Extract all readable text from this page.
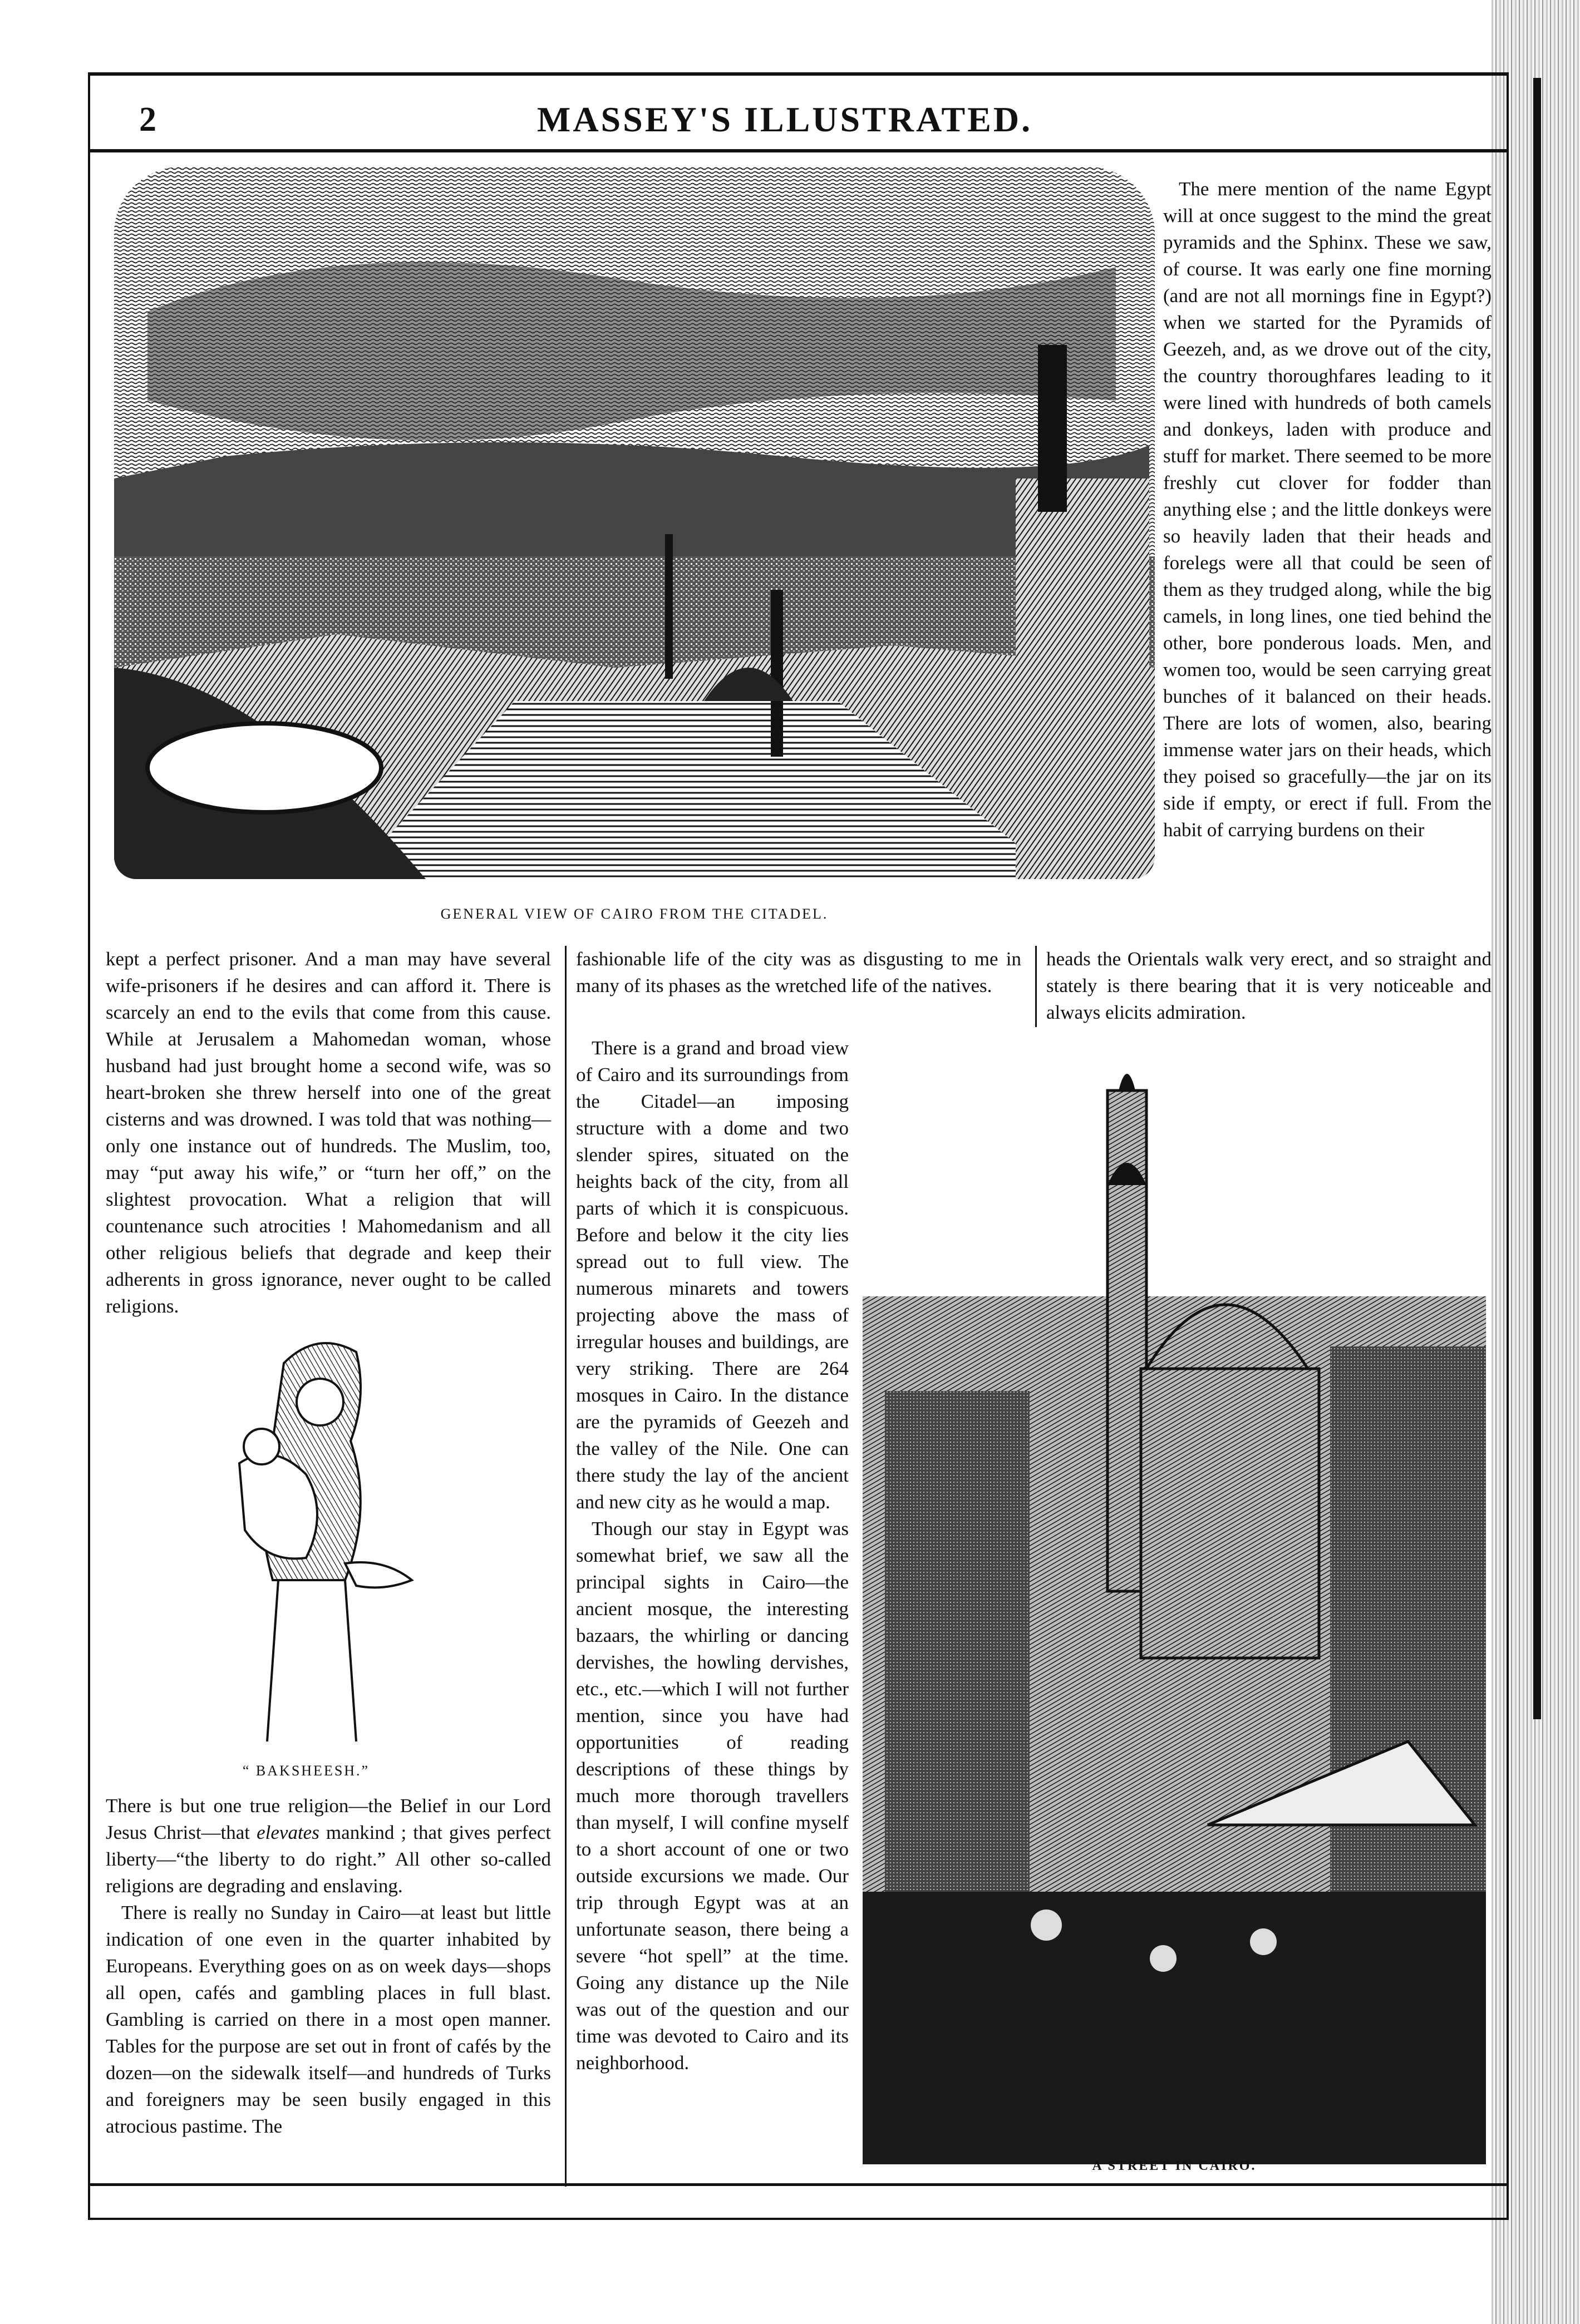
2	MASSEY'S ILLUSTRATED.
GENERAL VIEW OF CAIRO FROM THE CITADEL.

The mere mention of the name Egypt will at once suggest to the mind the great pyramids and the Sphinx. These we saw, of course. It was early one fine morning (and are not all mornings fine in Egypt?) when we started for the Pyramids of Geezeh, and, as we drove out of the city, the country thoroughfares leading to it were lined with hundreds of both camels and donkeys, laden with produce and stuff for market. There seemed to be more freshly cut clover for fodder than anything else ; and the little donkeys were so heavily laden that their heads and forelegs were all that could be seen of them as they trudged along, while the big camels, in long lines, one tied behind the other, bore ponderous loads. Men, and women too, would be seen carrying great bunches of it balanced on their heads. There are lots of women, also, bearing immense water jars on their heads, which they poised so gracefully—the jar on its side if empty, or erect if full. From the habit of carrying burdens on their

heads the Orientals walk very erect, and so straight and stately is there bearing that it is very noticeable and always elicits admiration.

kept a perfect prisoner. And a man may have several wife-prisoners if he desires and can afford it. There is scarcely an end to the evils that come from this cause. While at Jerusalem a Mahomedan woman, whose husband had just brought home a second wife, was so heart-broken she threw herself into one of the great cisterns and was drowned. I was told that was nothing—only one instance out of hundreds. The Muslim, too, may “put away his wife,” or “turn her off,” on the slightest provocation. What a religion that will countenance such atrocities ! Mahomedanism and all other religious beliefs that degrade and keep their adherents in gross ignorance, never ought to be called religions.

“ BAKSHEESH.”

There is but one true religion—the Belief in our Lord Jesus Christ—that elevates mankind ; that gives perfect liberty—“the liberty to do right.” All other so-called religions are degrading and enslaving.

There is really no Sunday in Cairo—at least but little indication of one even in the quarter inhabited by Europeans. Everything goes on as on week days—shops all open, cafés and gambling places in full blast. Gambling is carried on there in a most open manner. Tables for the purpose are set out in front of cafés by the dozen—on the sidewalk itself—and hundreds of Turks and foreigners may be seen busily engaged in this atrocious pastime. The

fashionable life of the city was as disgusting to me in many of its phases as the wretched life of the natives.

There is a grand and broad view of Cairo and its surroundings from the Citadel—an imposing structure with a dome and two slender spires, situated on the heights back of the city, from all parts of which it is conspicuous. Before and below it the city lies spread out to full view. The numerous minarets and towers projecting above the mass of irregular houses and buildings, are very striking. There are 264 mosques in Cairo. In the distance are the pyramids of Geezeh and the valley of the Nile. One can there study the lay of the ancient and new city as he would a map.

Though our stay in Egypt was somewhat brief, we saw all the principal sights in Cairo—the ancient mosque, the interesting bazaars, the whirling or dancing dervishes, the howling dervishes, etc., etc.—which I will not further mention, since you have had opportunities of reading descriptions of these things by much more thorough travellers than myself, I will confine myself to a short account of one or two outside excursions we made. Our trip through Egypt was at an unfortunate season, there being a severe “hot spell” at the time. Going any distance up the Nile was out of the question and our time was devoted to Cairo and its neighborhood.

A STREET IN CAIRO.
